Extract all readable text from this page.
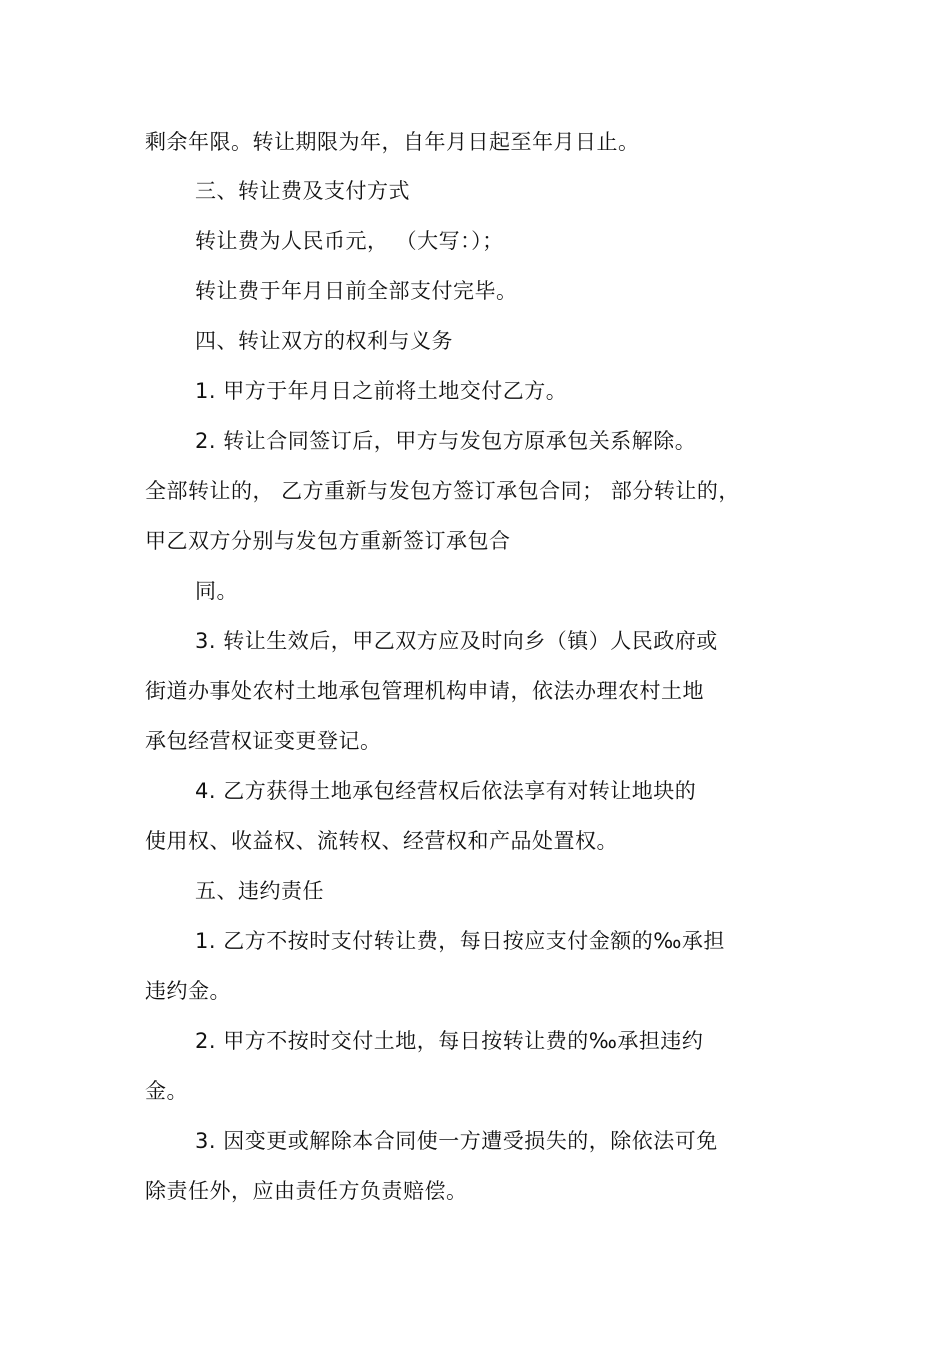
剩余年限。转让期限为年，自年月日起至年月日止。
三、转让费及支付方式
转让费为人民币元， （大写：）；
转让费于年月日前全部支付完毕。
四、转让双方的权利与义务
1. 甲方于年月日之前将土地交付乙方。
2. 转让合同签订后，甲方与发包方原承包关系解除。
全部转让的， 乙方重新与发包方签订承包合同； 部分转让的，
甲乙双方分别与发包方重新签订承包合
同。
3. 转让生效后，甲乙双方应及时向乡（镇）人民政府或
街道办事处农村土地承包管理机构申请，依法办理农村土地
承包经营权证变更登记。
4. 乙方获得土地承包经营权后依法享有对转让地块的
使用权、收益权、流转权、经营权和产品处置权。
五、违约责任
1. 乙方不按时支付转让费，每日按应支付金额的‰承担
违约金。
2. 甲方不按时交付土地，每日按转让费的‰承担违约
金。
3. 因变更或解除本合同使一方遭受损失的，除依法可免
除责任外，应由责任方负责赔偿。
